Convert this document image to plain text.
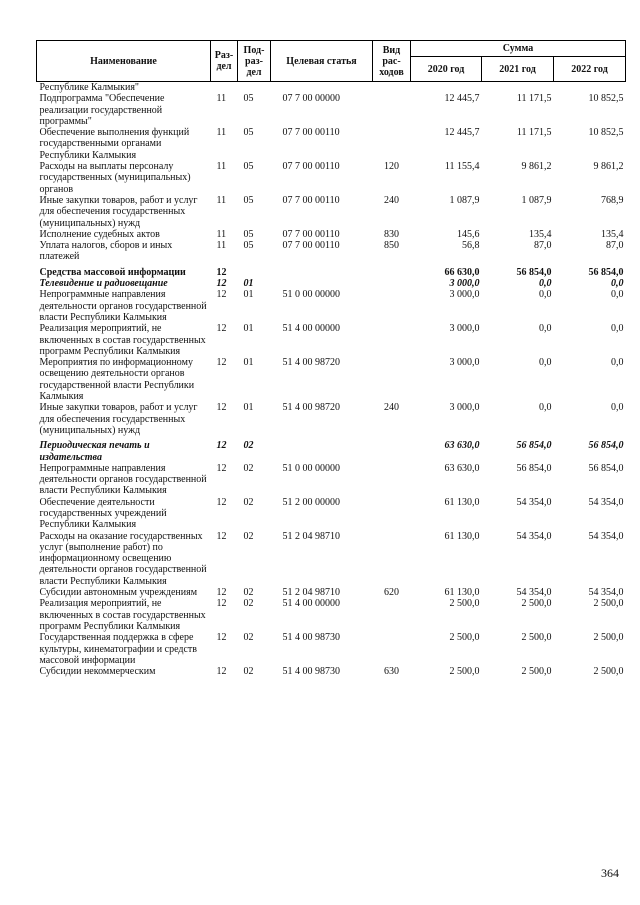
Наименование	Раз-дел	Под-раз-дел	Целевая статья	Вид рас-ходов	Сумма		
					2020 год	2021 год	2022 год
Республике Калмыкия"							
Подпрограмма "Обеспечение реализации государственной программы"	11	05	07 7 00 00000		12 445,7	11 171,5	10 852,5
Обеспечение выполнения функций государственными органами Республики Калмыкия	11	05	07 7 00 00110		12 445,7	11 171,5	10 852,5
Расходы на выплаты персоналу государственных (муниципальных) органов	11	05	07 7 00 00110	120	11 155,4	9 861,2	9 861,2
Иные закупки товаров, работ и услуг для обеспечения государственных (муниципальных) нужд	11	05	07 7 00 00110	240	1 087,9	1 087,9	768,9
Исполнение судебных актов	11	05	07 7 00 00110	830	145,6	135,4	135,4
Уплата налогов, сборов и иных платежей	11	05	07 7 00 00110	850	56,8	87,0	87,0
Средства массовой информации	12				66 630,0	56 854,0	56 854,0
Телевидение и радиовещание	12	01			3 000,0	0,0	0,0
Непрограммные направления деятельности органов государственной власти Республики Калмыкия	12	01	51 0 00 00000		3 000,0	0,0	0,0
Реализация мероприятий, не включенных в состав государственных программ Республики Калмыкия	12	01	51 4 00 00000		3 000,0	0,0	0,0
Мероприятия по информационному освещению деятельности органов государственной власти Республики Калмыкия	12	01	51 4 00 98720		3 000,0	0,0	0,0
Иные закупки товаров, работ и услуг для обеспечения государственных (муниципальных) нужд	12	01	51 4 00 98720	240	3 000,0	0,0	0,0
Периодическая печать и издательства	12	02			63 630,0	56 854,0	56 854,0
Непрограммные направления деятельности органов государственной власти Республики Калмыкия	12	02	51 0 00 00000		63 630,0	56 854,0	56 854,0
Обеспечение деятельности государственных учреждений Республики Калмыкия	12	02	51 2 00 00000		61 130,0	54 354,0	54 354,0
Расходы на оказание государственных услуг (выполнение работ) по информационному освещению деятельности органов государственной власти Республики Калмыкия	12	02	51 2 04 98710		61 130,0	54 354,0	54 354,0
Субсидии автономным учреждениям	12	02	51 2 04 98710	620	61 130,0	54 354,0	54 354,0
Реализация мероприятий, не включенных в состав государственных программ Республики Калмыкия	12	02	51 4 00 00000		2 500,0	2 500,0	2 500,0
Государственная поддержка в сфере культуры, кинематографии и средств массовой информации	12	02	51 4 00 98730		2 500,0	2 500,0	2 500,0
Субсидии некоммерческим	12	02	51 4 00 98730	630	2 500,0	2 500,0	2 500,0
364
